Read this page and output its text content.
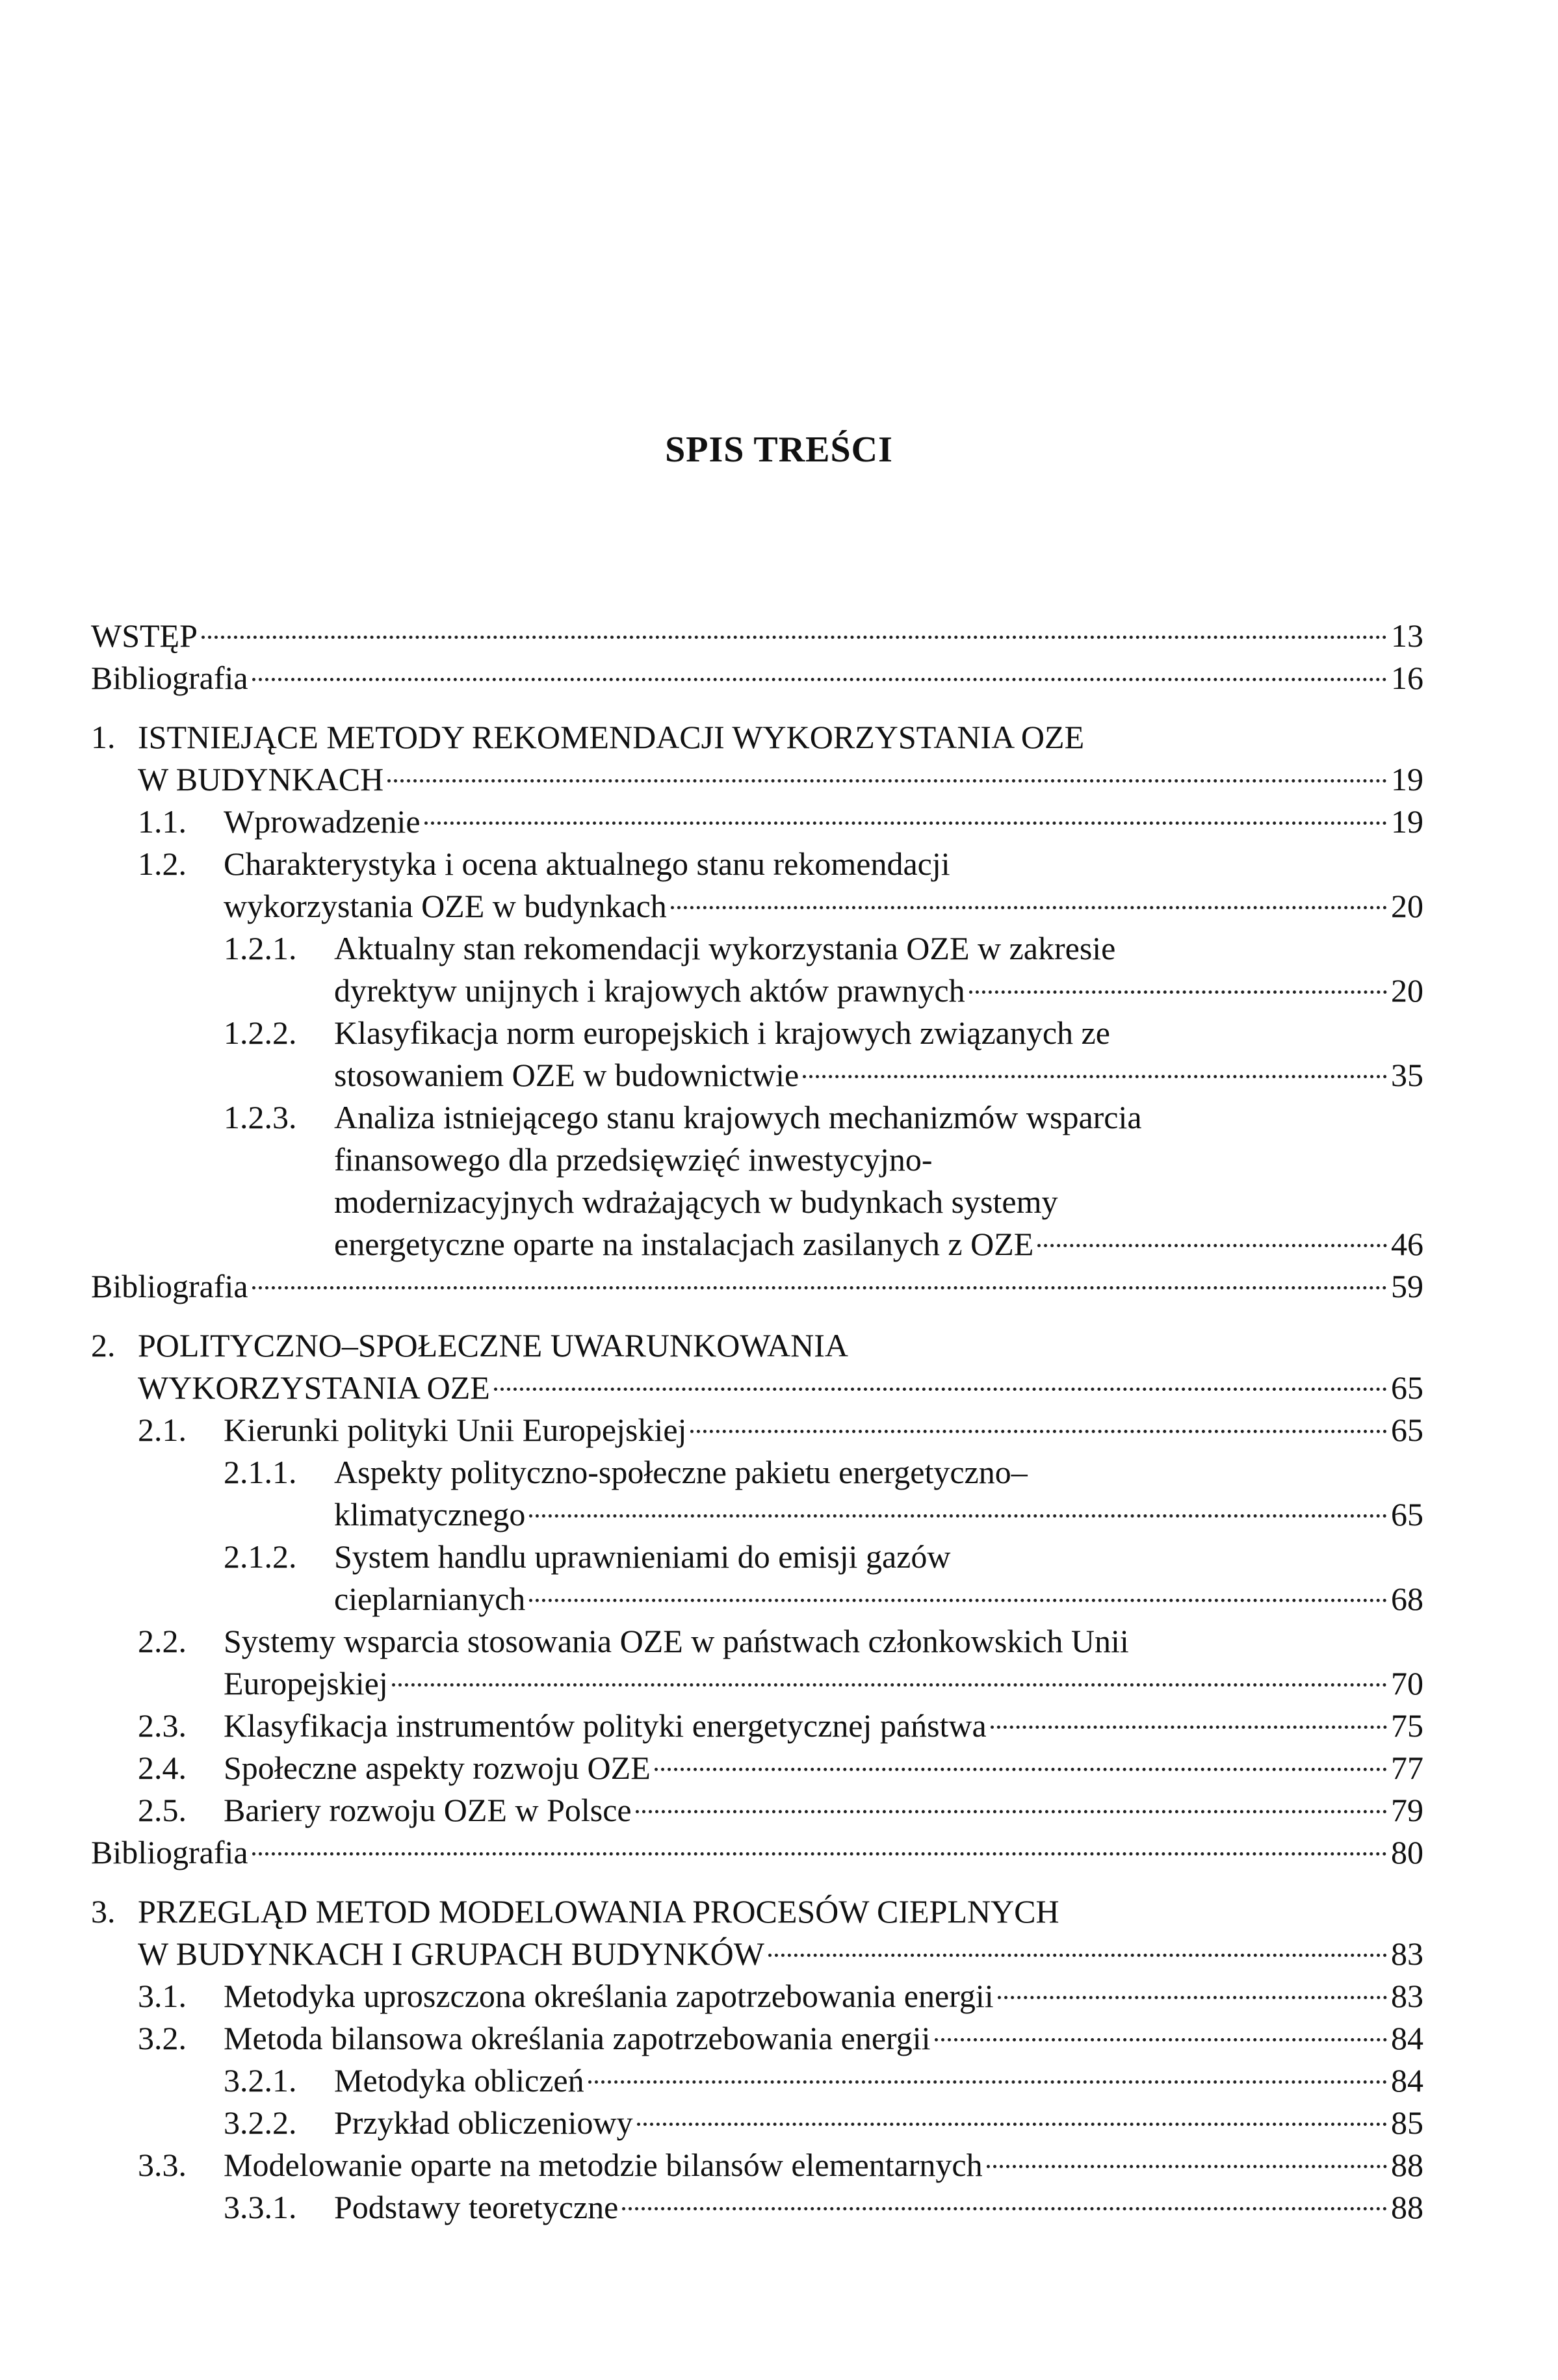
SPIS TREŚCI
WSTĘP	13
Bibliografia	16
1. ISTNIEJĄCE METODY REKOMENDACJI WYKORZYSTANIA OZE
W BUDYNKACH	19
1.1.	Wprowadzenie	19
1.2.	Charakterystyka i ocena aktualnego stanu rekomendacji
wykorzystania OZE w budynkach	20
1.2.1.	Aktualny stan rekomendacji wykorzystania OZE w zakresie
dyrektyw unijnych i krajowych aktów prawnych	20
1.2.2.	Klasyfikacja norm europejskich i krajowych związanych ze
stosowaniem OZE w budownictwie	35
1.2.3.	Analiza istniejącego stanu krajowych mechanizmów wsparcia
finansowego dla przedsięwzięć inwestycyjno-
modernizacyjnych wdrażających w budynkach systemy
energetyczne oparte na instalacjach zasilanych z OZE	46
Bibliografia	59
2. POLITYCZNO–SPOŁECZNE UWARUNKOWANIA
WYKORZYSTANIA OZE	65
2.1.	Kierunki polityki Unii Europejskiej	65
2.1.1.	Aspekty polityczno-społeczne pakietu energetyczno–
klimatycznego	65
2.1.2.	System handlu uprawnieniami do emisji gazów
cieplarnianych	68
2.2.	Systemy wsparcia stosowania OZE w państwach członkowskich Unii
Europejskiej	70
2.3.	Klasyfikacja instrumentów polityki energetycznej państwa	75
2.4.	Społeczne aspekty rozwoju OZE	77
2.5.	Bariery rozwoju OZE w Polsce	79
Bibliografia	80
3. PRZEGLĄD METOD MODELOWANIA PROCESÓW CIEPLNYCH
W BUDYNKACH I GRUPACH BUDYNKÓW	83
3.1.	Metodyka uproszczona określania zapotrzebowania energii	83
3.2.	Metoda bilansowa określania zapotrzebowania energii	84
3.2.1.	Metodyka obliczeń	84
3.2.2.	Przykład obliczeniowy	85
3.3.	Modelowanie oparte na metodzie bilansów elementarnych	88
3.3.1.	Podstawy teoretyczne	88
